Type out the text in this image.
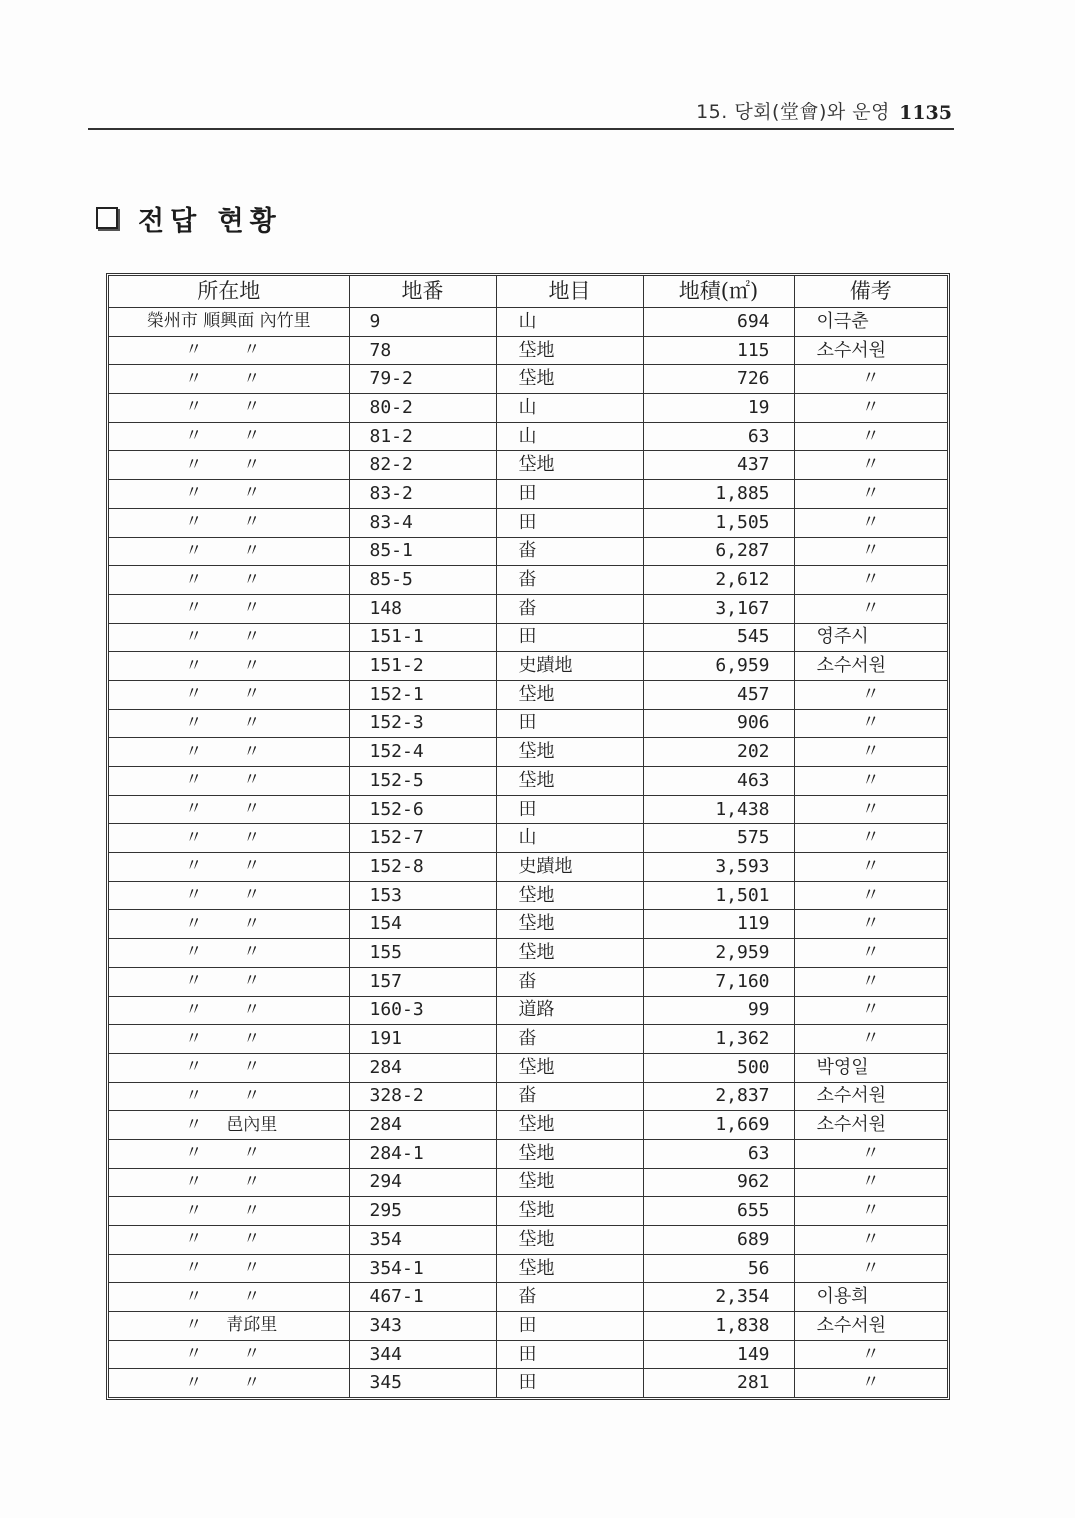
15. 당회(堂會)와 운영 1135
전답 현황
所在地	地番	地目	地積(㎡)	備考
榮州市 順興面 內竹里	9	山	694	이극춘
〃 〃	78	垈地	115	소수서원
〃 〃	79-2	垈地	726	〃
〃 〃	80-2	山	19	〃
〃 〃	81-2	山	63	〃
〃 〃	82-2	垈地	437	〃
〃 〃	83-2	田	1,885	〃
〃 〃	83-4	田	1,505	〃
〃 〃	85-1	畓	6,287	〃
〃 〃	85-5	畓	2,612	〃
〃 〃	148	畓	3,167	〃
〃 〃	151-1	田	545	영주시
〃 〃	151-2	史蹟地	6,959	소수서원
〃 〃	152-1	垈地	457	〃
〃 〃	152-3	田	906	〃
〃 〃	152-4	垈地	202	〃
〃 〃	152-5	垈地	463	〃
〃 〃	152-6	田	1,438	〃
〃 〃	152-7	山	575	〃
〃 〃	152-8	史蹟地	3,593	〃
〃 〃	153	垈地	1,501	〃
〃 〃	154	垈地	119	〃
〃 〃	155	垈地	2,959	〃
〃 〃	157	畓	7,160	〃
〃 〃	160-3	道路	99	〃
〃 〃	191	畓	1,362	〃
〃 〃	284	垈地	500	박영일
〃 〃	328-2	畓	2,837	소수서원
〃 邑內里	284	垈地	1,669	소수서원
〃 〃	284-1	垈地	63	〃
〃 〃	294	垈地	962	〃
〃 〃	295	垈地	655	〃
〃 〃	354	垈地	689	〃
〃 〃	354-1	垈地	56	〃
〃 〃	467-1	畓	2,354	이용희
〃 靑邱里	343	田	1,838	소수서원
〃 〃	344	田	149	〃
〃 〃	345	田	281	〃
